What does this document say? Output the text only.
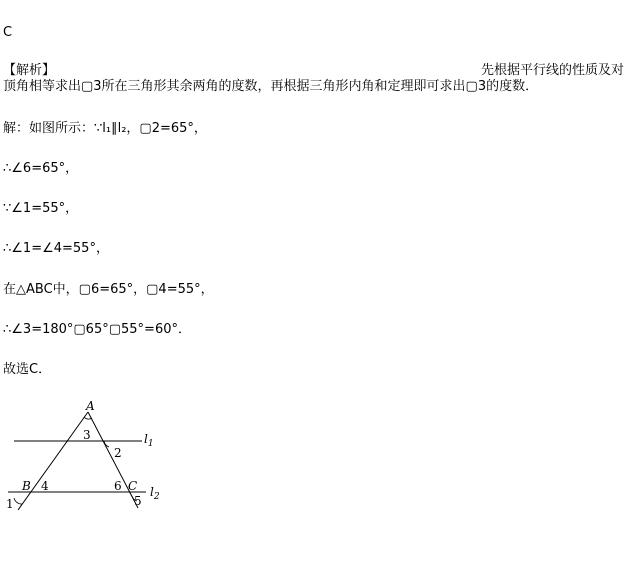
C
【解析】	先根据平行线的性质及对
顶角相等求出▢3所在三角形其余两角的度数，再根据三角形内角和定理即可求出▢3的度数．
解：如图所示：∵l₁∥l₂，▢2=65°，
∴∠6=65°，
∵∠1=55°，
∴∠1=∠4=55°，
在△ABC中，▢6=65°，▢4=55°，
∴∠3=180°▢65°▢55°=60°．
故选C．
A
B	C
1
2
3
4
5
6
$l_1$
$l_2$
